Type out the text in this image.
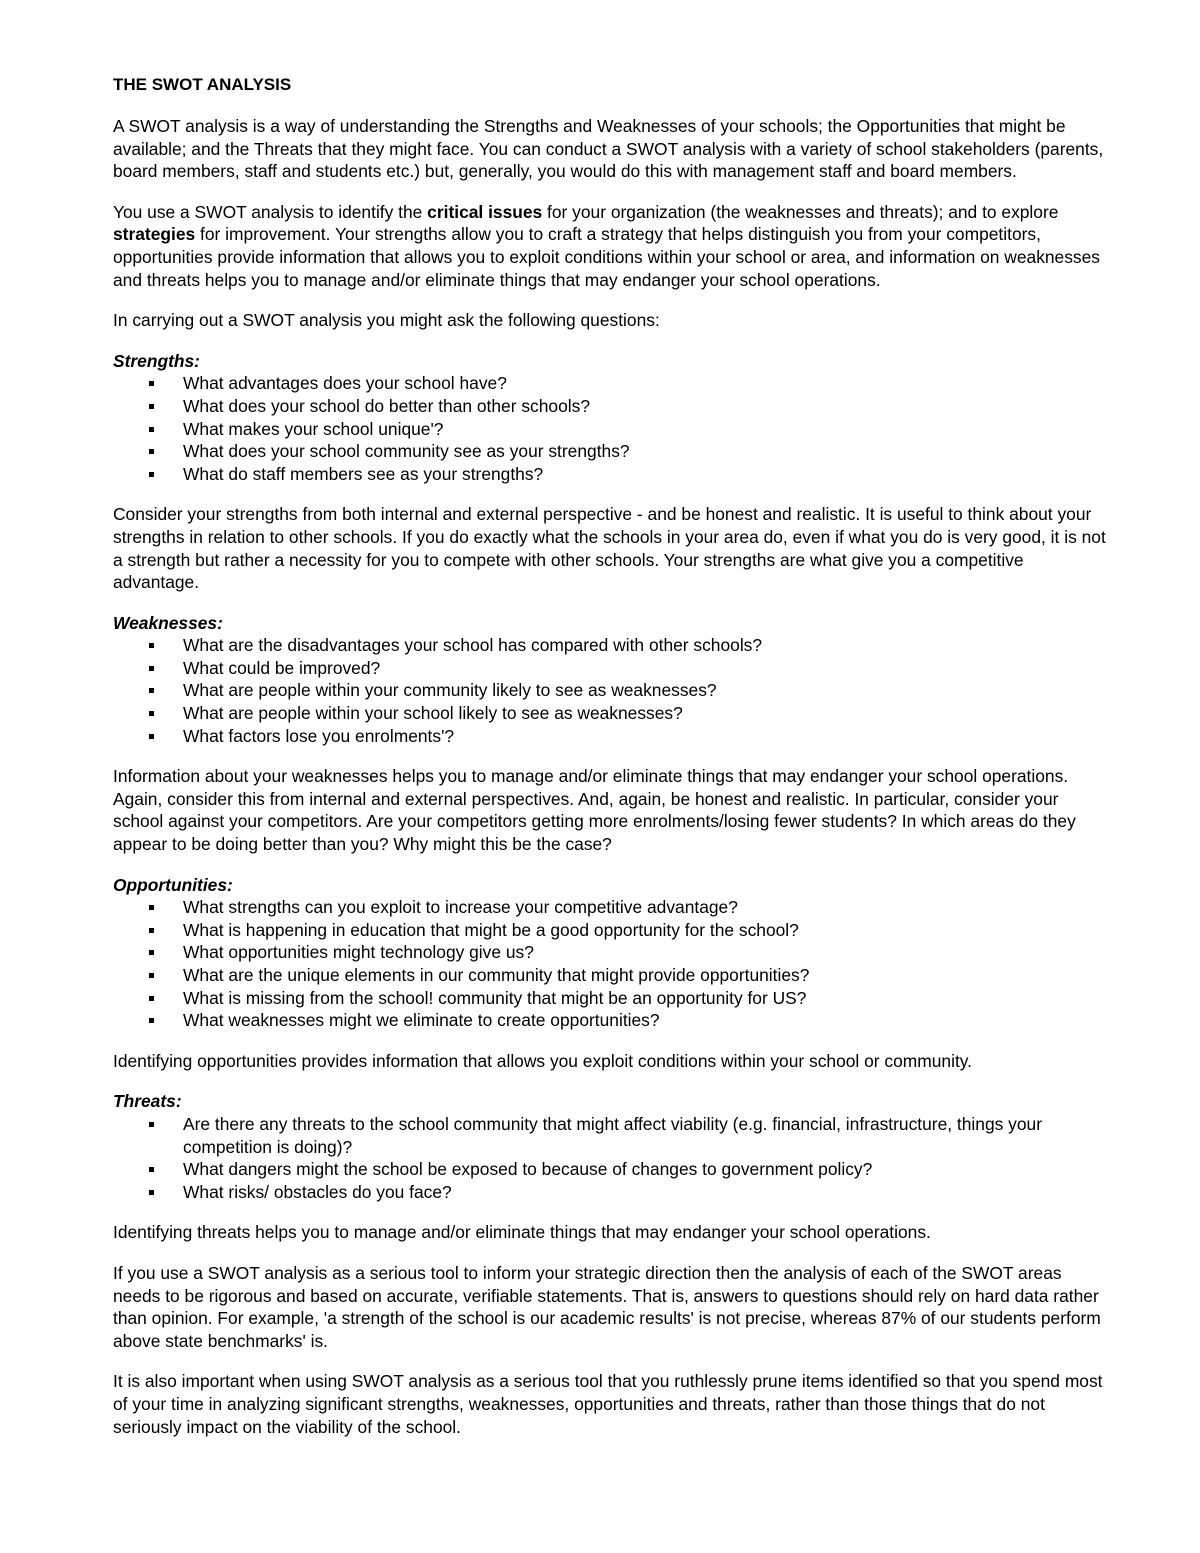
THE SWOT ANALYSIS

A SWOT analysis is a way of understanding the Strengths and Weaknesses of your schools; the Opportunities that might be available; and the Threats that they might face. You can conduct a SWOT analysis with a variety of school stakeholders (parents, board members, staff and students etc.) but, generally, you would do this with management staff and board members.

You use a SWOT analysis to identify the critical issues for your organization (the weaknesses and threats); and to explore strategies for improvement. Your strengths allow you to craft a strategy that helps distinguish you from your competitors, opportunities provide information that allows you to exploit conditions within your school or area, and information on weaknesses and threats helps you to manage and/or eliminate things that may endanger your school operations.

In carrying out a SWOT analysis you might ask the following questions:

Strengths:
What advantages does your school have?
What does your school do better than other schools?
What makes your school unique'?
What does your school community see as your strengths?
What do staff members see as your strengths?

Consider your strengths from both internal and external perspective - and be honest and realistic. It is useful to think about your strengths in relation to other schools. If you do exactly what the schools in your area do, even if what you do is very good, it is not a strength but rather a necessity for you to compete with other schools. Your strengths are what give you a competitive advantage.

Weaknesses:
What are the disadvantages your school has compared with other schools?
What could be improved?
What are people within your community likely to see as weaknesses?
What are people within your school likely to see as weaknesses?
What factors lose you enrolments'?

Information about your weaknesses helps you to manage and/or eliminate things that may endanger your school operations. Again, consider this from internal and external perspectives. And, again, be honest and realistic. In particular, consider your school against your competitors. Are your competitors getting more enrolments/losing fewer students? In which areas do they appear to be doing better than you? Why might this be the case?

Opportunities:
What strengths can you exploit to increase your competitive advantage?
What is happening in education that might be a good opportunity for the school?
What opportunities might technology give us?
What are the unique elements in our community that might provide opportunities?
What is missing from the school! community that might be an opportunity for US?
What weaknesses might we eliminate to create opportunities?

Identifying opportunities provides information that allows you exploit conditions within your school or community.

Threats:
Are there any threats to the school community that might affect viability (e.g. financial, infrastructure, things your competition is doing)?
What dangers might the school be exposed to because of changes to government policy?
What risks/ obstacles do you face?

Identifying threats helps you to manage and/or eliminate things that may endanger your school operations.

If you use a SWOT analysis as a serious tool to inform your strategic direction then the analysis of each of the SWOT areas needs to be rigorous and based on accurate, verifiable statements. That is, answers to questions should rely on hard data rather than opinion. For example, 'a strength of the school is our academic results' is not precise, whereas 87% of our students perform above state benchmarks' is.

It is also important when using SWOT analysis as a serious tool that you ruthlessly prune items identified so that you spend most of your time in analyzing significant strengths, weaknesses, opportunities and threats, rather than those things that do not seriously impact on the viability of the school.
